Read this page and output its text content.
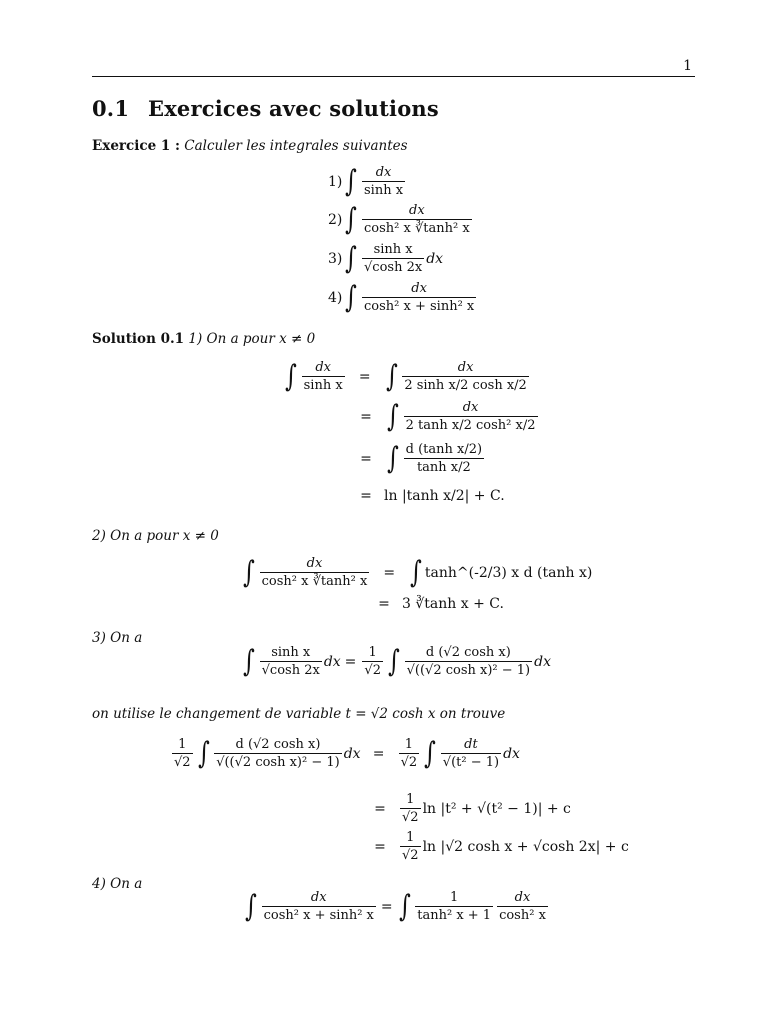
1
0.1 Exercices avec solutions
Exercice 1 : Calculer les integrales suivantes
1) ∫ $\frac{dx}{\text{sinh x}}$
2) ∫ $\frac{dx}{\text{cosh² x ∛tanh² x}}$
3) ∫ $\frac{\text{sinh x}}{√\cosh 2x}$ dx
4) ∫ $\frac{dx}{\text{cosh² x + sinh² x}}$
Solution 0.1 1) On a pour x ≠ 0
∫ $\frac{dx}{\text{sinh x}}$	= ∫ $\frac{dx}{\text{2 sinh x/2 cosh x/2}}$
= ∫ $\frac{dx}{\text{2 tanh x/2 cosh² x/2}}$
= ∫ $\frac{\text{d (tanh x/2)}}{\text{tanh x/2}}$
= ln |tanh x/2| + C.
2) On a pour x ≠ 0
∫ $\frac{dx}{\text{cosh² x ∛tanh² x}}$	= ∫ tanh^(-2/3) x d (tanh x)
= 3 ∛tanh x + C.
3) On a
∫ $\frac{\text{sinh x}}{√\cosh 2x}$ dx = $\frac{1}{√2}$ ∫ $\frac{\text{d (√2 cosh x)}}{\text{√((√2 cosh x)² − 1)}}$ dx
on utilise le changement de variable t = √2 cosh x on trouve
$\frac{1}{√2}$ ∫ $\frac{\text{d (√2 cosh x)}}{\text{√((√2 cosh x)² − 1)}}$ dx =	$\frac{1}{√2}$ ∫ $\frac{dt}{\text{√(t² − 1)}}$ dx
=	$\frac{1}{√2}$ ln |t² + √(t² − 1)| + c
=	$\frac{1}{√2}$ ln |√2 cosh x + √cosh 2x| + c
4) On a
∫ $\frac{dx}{\text{cosh² x + sinh² x}}$ = ∫ $\frac{1}{\text{tanh² x + 1}} \frac{dx}{\text{cosh² x}}$
